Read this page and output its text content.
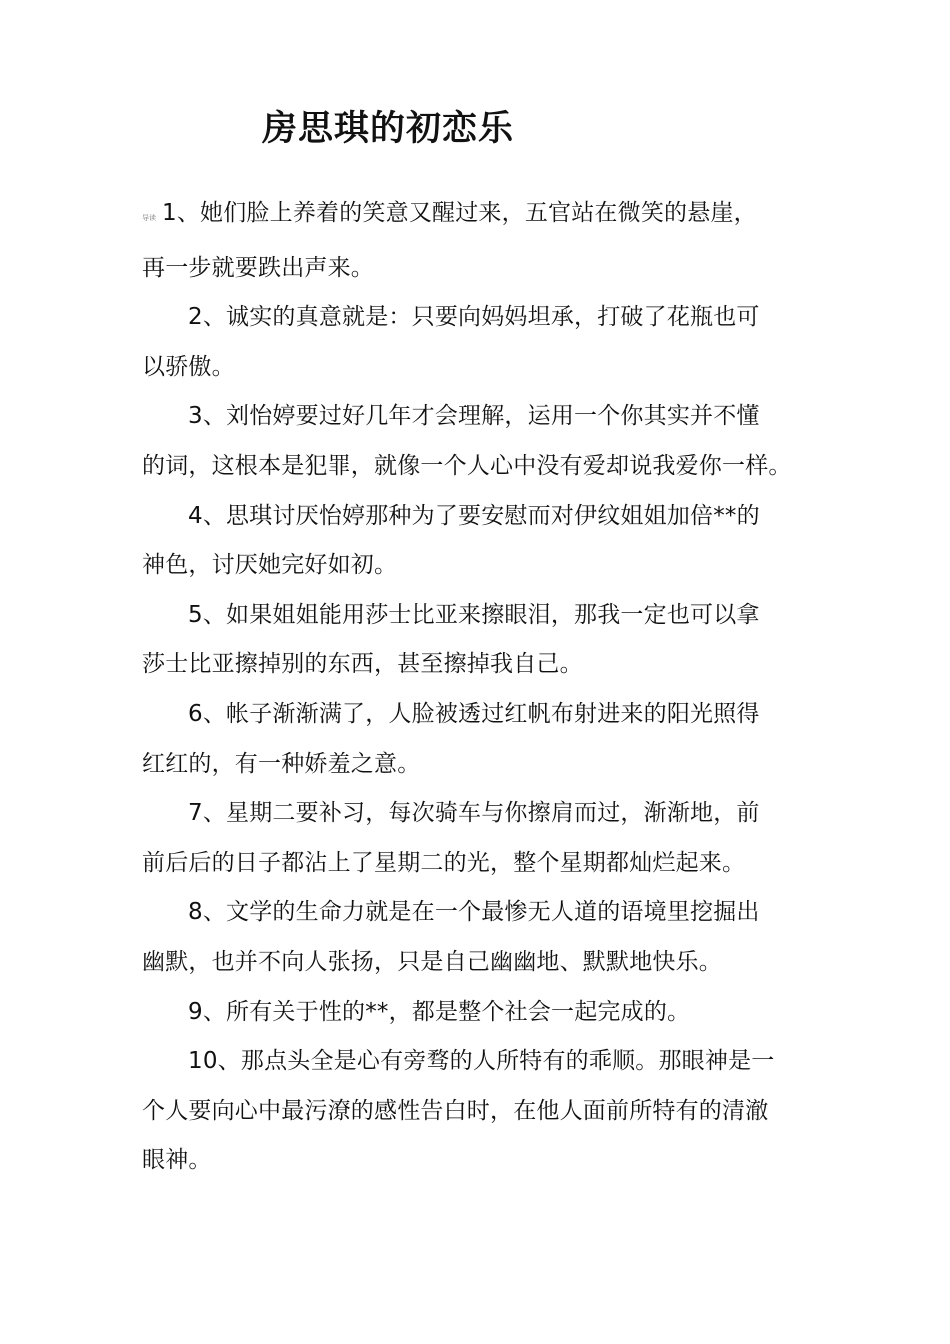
房思琪的初恋乐
导读 1、她们脸上养着的笑意又醒过来，五官站在微笑的悬崖，
再一步就要跌出声来。
2、诚实的真意就是：只要向妈妈坦承，打破了花瓶也可
以骄傲。
3、刘怡婷要过好几年才会理解，运用一个你其实并不懂
的词，这根本是犯罪，就像一个人心中没有爱却说我爱你一样。
4、思琪讨厌怡婷那种为了要安慰而对伊纹姐姐加倍**的
神色，讨厌她完好如初。
5、如果姐姐能用莎士比亚来擦眼泪，那我一定也可以拿
莎士比亚擦掉别的东西，甚至擦掉我自己。
6、帐子渐渐满了，人脸被透过红帆布射进来的阳光照得
红红的，有一种娇羞之意。
7、星期二要补习，每次骑车与你擦肩而过，渐渐地，前
前后后的日子都沾上了星期二的光，整个星期都灿烂起来。
8、文学的生命力就是在一个最惨无人道的语境里挖掘出
幽默，也并不向人张扬，只是自己幽幽地、默默地快乐。
9、所有关于性的**，都是整个社会一起完成的。
10、那点头全是心有旁骛的人所特有的乖顺。那眼神是一
个人要向心中最污潦的感性告白时，在他人面前所特有的清澈
眼神。
